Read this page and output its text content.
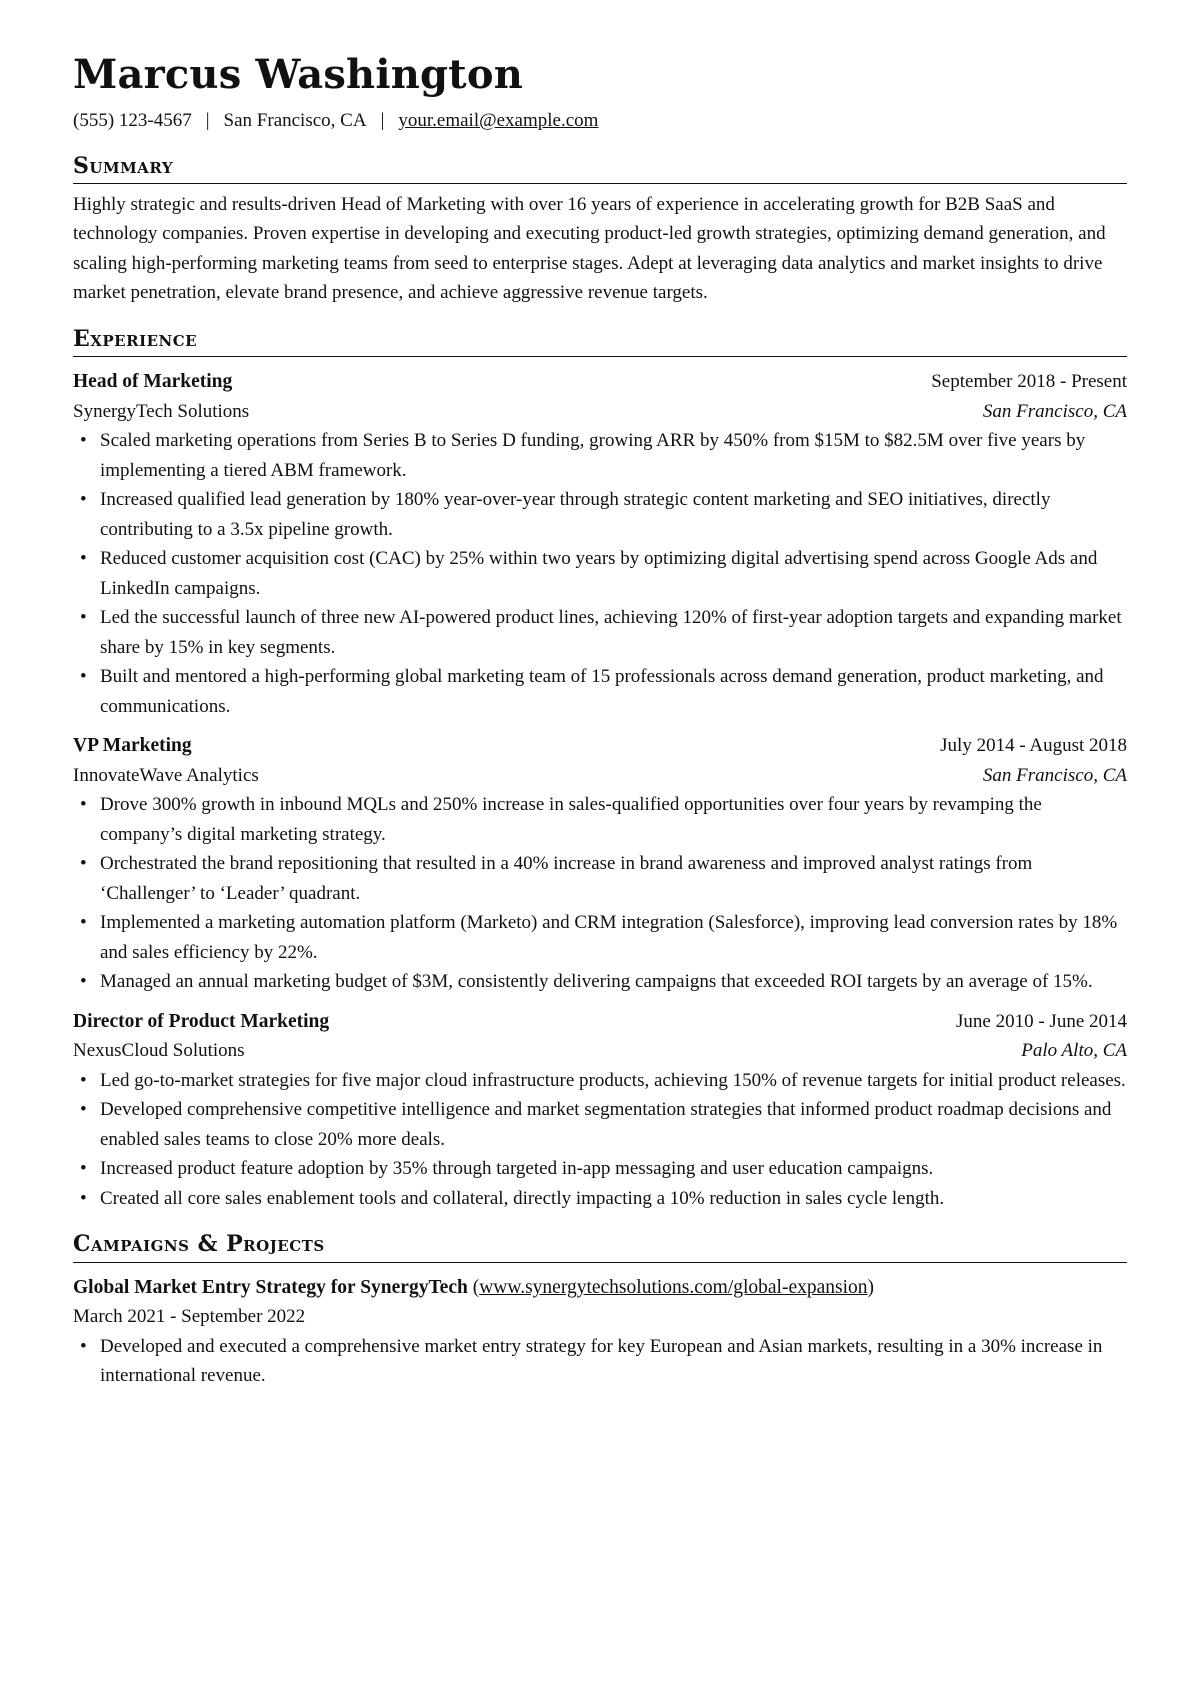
Marcus Washington
(555) 123-4567 | San Francisco, CA | your.email@example.com
Summary

Highly strategic and results-driven Head of Marketing with over 16 years of experience in accelerating growth for B2B SaaS and technology companies. Proven expertise in developing and executing product-led growth strategies, optimizing demand generation, and scaling high-performing marketing teams from seed to enterprise stages. Adept at leveraging data analytics and market insights to drive market penetration, elevate brand presence, and achieve aggressive revenue targets.

Experience
Head of Marketing	September 2018 - Present
SynergyTech Solutions	San Francisco, CA
• Scaled marketing operations from Series B to Series D funding, growing ARR by 450% from $15M to $82.5M over five years by implementing a tiered ABM framework.
• Increased qualified lead generation by 180% year-over-year through strategic content marketing and SEO initiatives, directly contributing to a 3.5x pipeline growth.
• Reduced customer acquisition cost (CAC) by 25% within two years by optimizing digital advertising spend across Google Ads and LinkedIn campaigns.
• Led the successful launch of three new AI-powered product lines, achieving 120% of first-year adoption targets and expanding market share by 15% in key segments.
• Built and mentored a high-performing global marketing team of 15 professionals across demand generation, product marketing, and communications.
VP Marketing	July 2014 - August 2018
InnovateWave Analytics	San Francisco, CA
• Drove 300% growth in inbound MQLs and 250% increase in sales-qualified opportunities over four years by revamping the company’s digital marketing strategy.
• Orchestrated the brand repositioning that resulted in a 40% increase in brand awareness and improved analyst ratings from ‘Challenger’ to ‘Leader’ quadrant.
• Implemented a marketing automation platform (Marketo) and CRM integration (Salesforce), improving lead conversion rates by 18% and sales efficiency by 22%.
• Managed an annual marketing budget of $3M, consistently delivering campaigns that exceeded ROI targets by an average of 15%.
Director of Product Marketing	June 2010 - June 2014
NexusCloud Solutions	Palo Alto, CA
• Led go-to-market strategies for five major cloud infrastructure products, achieving 150% of revenue targets for initial product releases.
• Developed comprehensive competitive intelligence and market segmentation strategies that informed product roadmap decisions and enabled sales teams to close 20% more deals.
• Increased product feature adoption by 35% through targeted in-app messaging and user education campaigns.
• Created all core sales enablement tools and collateral, directly impacting a 10% reduction in sales cycle length.
Campaigns & Projects
Global Market Entry Strategy for SynergyTech (www.synergytechsolutions.com/global-expansion)
March 2021 - September 2022
• Developed and executed a comprehensive market entry strategy for key European and Asian markets, resulting in a 30% increase in international revenue.
